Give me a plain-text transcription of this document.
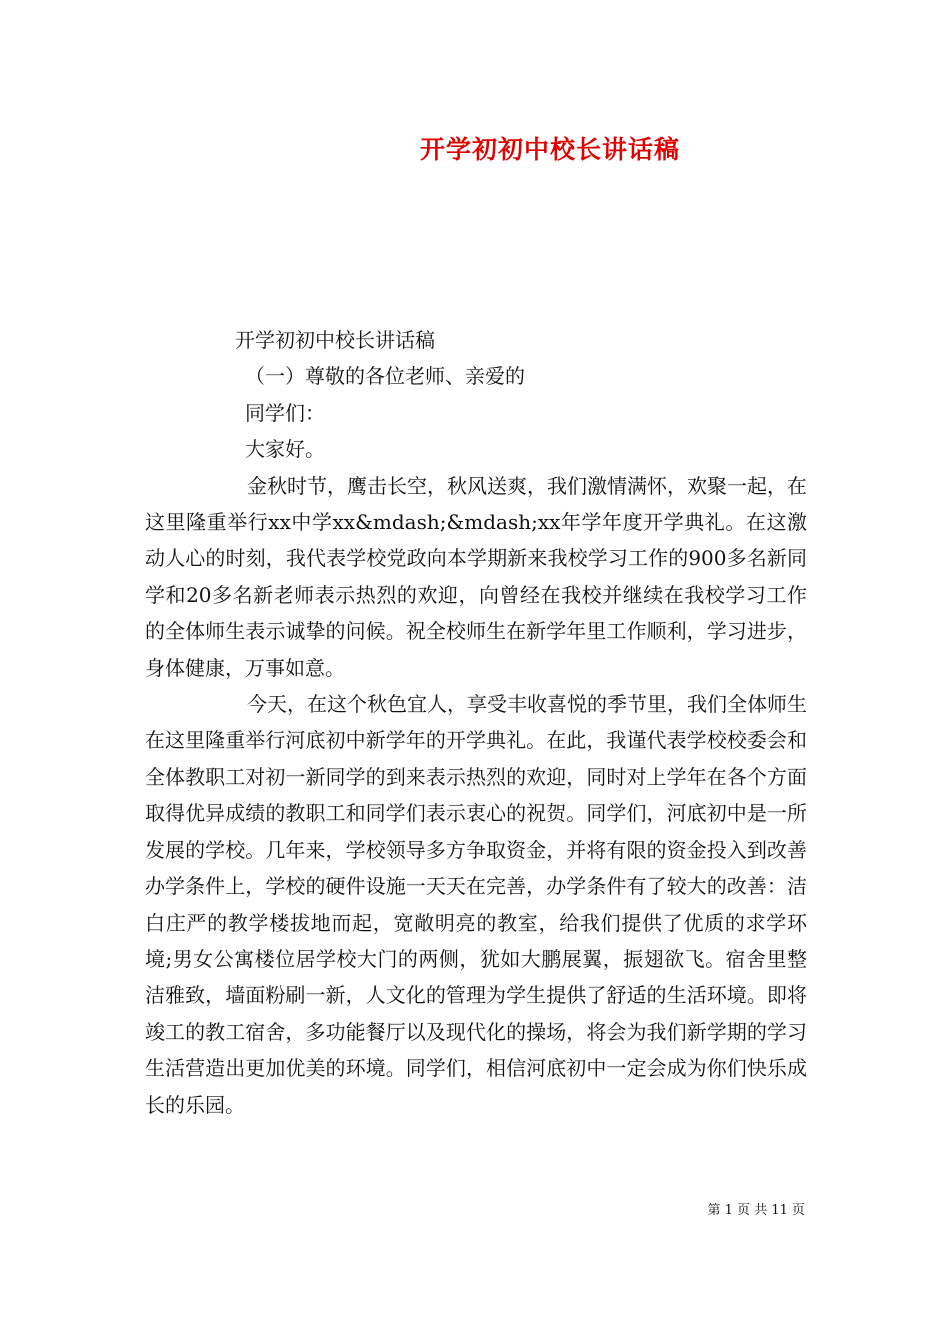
开学初初中校长讲话稿

开学初初中校长讲话稿

（一）尊敬的各位老师、亲爱的

同学们：

大家好。

金秋时节，鹰击长空，秋风送爽，我们激情满怀，欢聚一起，在这里隆重举行xx中学xx&mdash;&mdash;xx年学年度开学典礼。在这激动人心的时刻，我代表学校党政向本学期新来我校学习工作的900多名新同学和20多名新老师表示热烈的欢迎，向曾经在我校并继续在我校学习工作的全体师生表示诚挚的问候。祝全校师生在新学年里工作顺利，学习进步，身体健康，万事如意。

今天，在这个秋色宜人，享受丰收喜悦的季节里，我们全体师生在这里隆重举行河底初中新学年的开学典礼。在此，我谨代表学校校委会和全体教职工对初一新同学的到来表示热烈的欢迎，同时对上学年在各个方面取得优异成绩的教职工和同学们表示衷心的祝贺。同学们，河底初中是一所发展的学校。几年来，学校领导多方争取资金，并将有限的资金投入到改善办学条件上，学校的硬件设施一天天在完善，办学条件有了较大的改善：洁白庄严的教学楼拔地而起，宽敞明亮的教室，给我们提供了优质的求学环境;男女公寓楼位居学校大门的两侧，犹如大鹏展翼，振翅欲飞。宿舍里整洁雅致，墙面粉刷一新，人文化的管理为学生提供了舒适的生活环境。即将竣工的教工宿舍，多功能餐厅以及现代化的操场，将会为我们新学期的学习生活营造出更加优美的环境。同学们，相信河底初中一定会成为你们快乐成长的乐园。

第 1 页 共 11 页
